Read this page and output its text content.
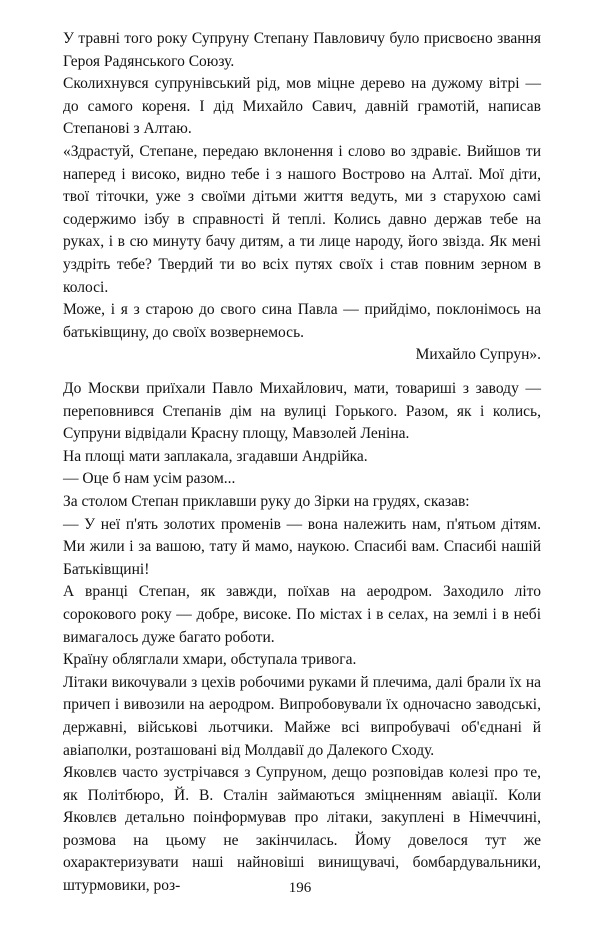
У травні того року Супруну Степану Павловичу було присвоєно звання Героя Радянського Союзу.

Сколихнувся супрунівський рід, мов міцне дерево на дужому вітрі — до самого кореня. І дід Михайло Савич, давній грамотій, написав Степанові з Алтаю.

«Здрастуй, Степане, передаю вклонення і слово во здравіє. Вийшов ти наперед і високо, видно тебе і з нашого Вострово на Алтаї. Мої діти, твої тіточки, уже з своїми дітьми життя ведуть, ми з старухою самі содержимо ізбу в справності й теплі. Колись давно держав тебе на руках, і в сю минуту бачу дитям, а ти лице народу, його звізда. Як мені уздріть тебе? Твердий ти во всіх путях своїх і став повним зерном в колосі.

Може, і я з старою до свого сина Павла — прийдімо, поклонімось на батьківщину, до своїх возвернемось.

Михайло Супрун».

До Москви приїхали Павло Михайлович, мати, товариші з заводу — переповнився Степанів дім на вулиці Горького. Разом, як і колись, Супруни відвідали Красну площу, Мавзолей Леніна.

На площі мати заплакала, згадавши Андрійка.

— Оце б нам усім разом...

За столом Степан приклавши руку до Зірки на грудях, сказав:

— У неї п'ять золотих променів — вона належить нам, п'ятьом дітям. Ми жили і за вашою, тату й мамо, наукою. Спасибі вам. Спасибі нашій Батьківщині!

А вранці Степан, як завжди, поїхав на аеродром. Заходило літо сорокового року — добре, високе. По містах і в селах, на землі і в небі вимагалось дуже багато роботи.

Країну обляглали хмари, обступала тривога.

Літаки викочували з цехів робочими руками й плечима, далі брали їх на причеп і вивозили на аеродром. Випробовували їх одночасно заводські, державні, військові льотчики. Майже всі випробувачі об'єднані й авіаполки, розташовані від Молдавії до Далекого Сходу.

Яковлєв часто зустрічався з Супруном, дещо розповідав колезі про те, як Політбюро, Й. В. Сталін займаються зміцненням авіації. Коли Яковлєв детально поінформував про літаки, закуплені в Німеччині, розмова на цьому не закінчилась. Йому довелося тут же охарактеризувати наші найновіші винищувачі, бомбардувальники, штурмовики, роз-	196
